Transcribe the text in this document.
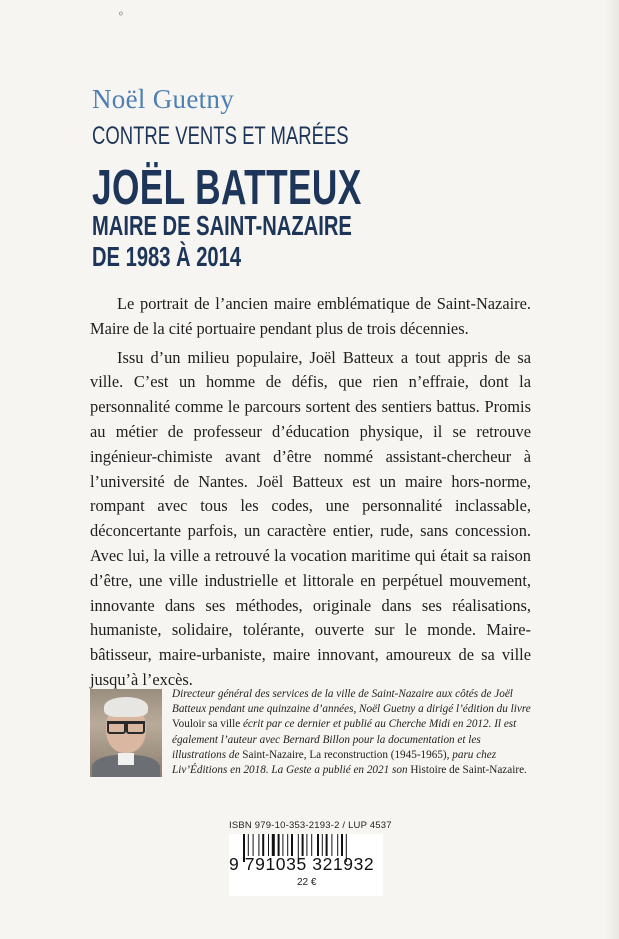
Noël Guetny
CONTRE VENTS ET MARÉES
JOËL BATTEUX
MAIRE DE SAINT-NAZAIRE
DE 1983 À 2014

Le portrait de l’ancien maire emblématique de Saint-Nazaire. Maire de la cité portuaire pendant plus de trois décennies.

Issu d’un milieu populaire, Joël Batteux a tout appris de sa ville. C’est un homme de défis, que rien n’effraie, dont la personnalité comme le parcours sortent des sentiers battus. Promis au métier de professeur d’éducation physique, il se retrouve ingénieur-chimiste avant d’être nommé assistant-chercheur à l’université de Nantes. Joël Batteux est un maire hors-norme, rompant avec tous les codes, une personnalité inclassable, déconcertante parfois, un caractère entier, rude, sans concession. Avec lui, la ville a retrouvé la vocation maritime qui était sa raison d’être, une ville industrielle et littorale en perpétuel mouvement, innovante dans ses méthodes, originale dans ses réalisations, humaniste, solidaire, tolérante, ouverte sur le monde. Maire-bâtisseur, maire-urbaniste, maire innovant, amoureux de sa ville jusqu’à l’excès.

Directeur général des services de la ville de Saint-Nazaire aux côtés de Joël Batteux pendant une quinzaine d’années, Noël Guetny a dirigé l’édition du livre Vouloir sa ville écrit par ce dernier et publié au Cherche Midi en 2012. Il est également l’auteur avec Bernard Billon pour la documentation et les illustrations de Saint-Nazaire, La reconstruction (1945-1965), paru chez Liv’Éditions en 2018. La Geste a publié en 2021 son Histoire de Saint-Nazaire.
ISBN 979-10-353-2193-2 / LUP 4537
9 791035 321932
22 €
⸰
